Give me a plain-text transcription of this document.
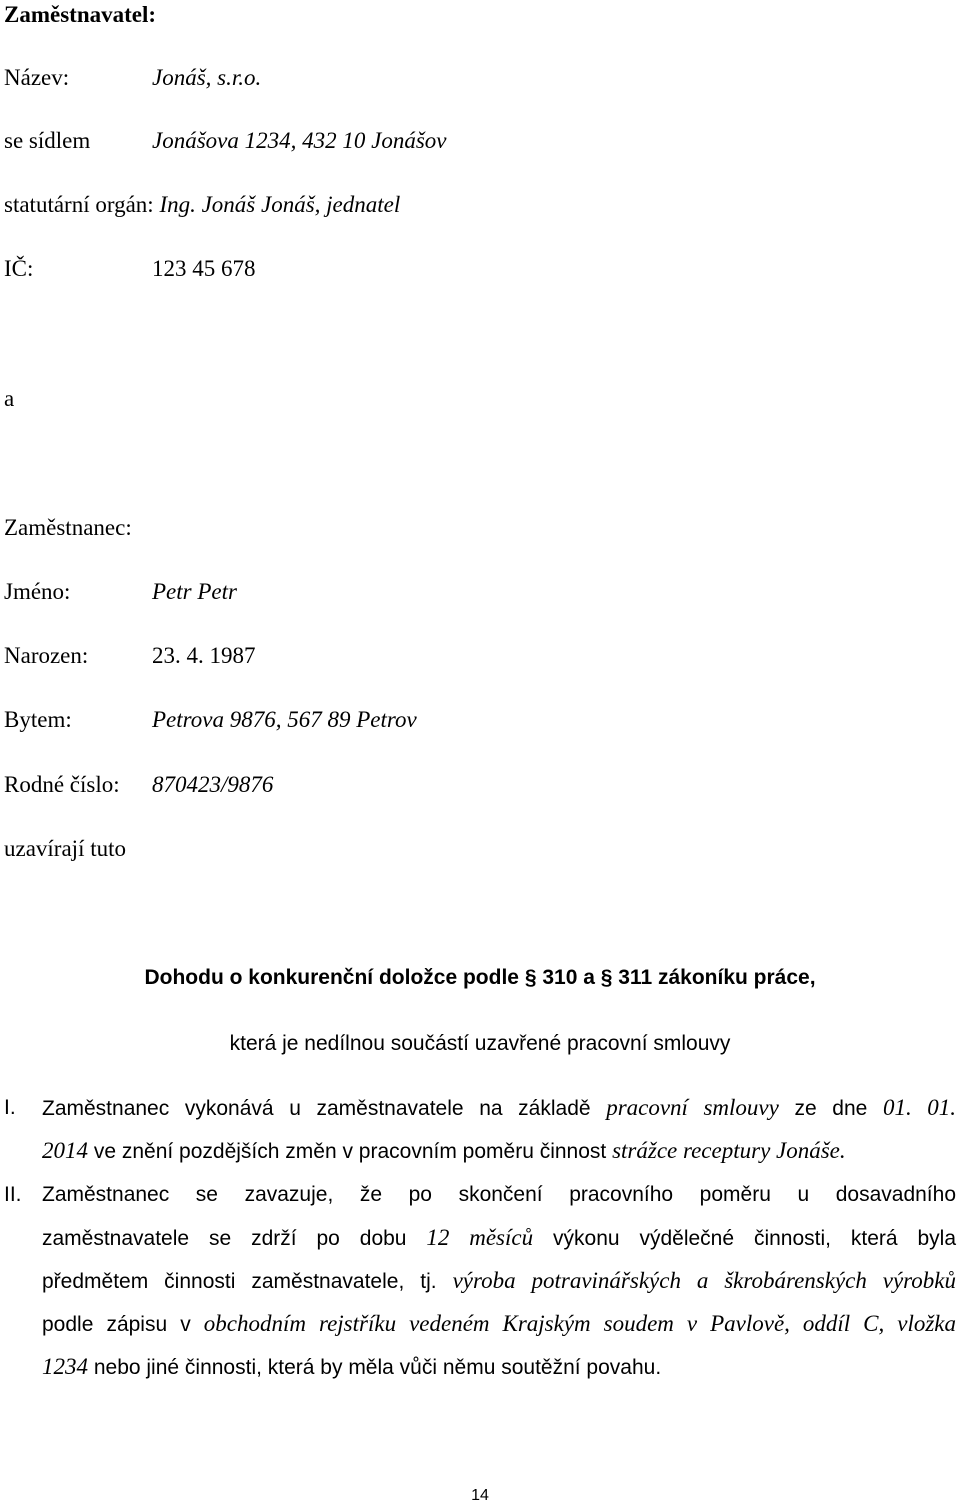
Zaměstnavatel:
Název:	Jonáš, s.r.o.
se sídlem	Jonášova 1234, 432 10 Jonášov
statutární orgán: Ing. Jonáš Jonáš, jednatel
IČ:	123 45 678
a
Zaměstnanec:
Jméno:	Petr Petr
Narozen:	23. 4. 1987
Bytem:	Petrova 9876, 567 89 Petrov
Rodné číslo: 870423/9876
uzavírají tuto
Dohodu o konkurenční doložce podle § 310 a § 311 zákoníku práce,
která je nedílnou součástí uzavřené pracovní smlouvy
I. Zaměstnanec vykonává u zaměstnavatele na základě pracovní smlouvy ze dne 01. 01.
2014 ve znění pozdějších změn v pracovním poměru činnost strážce receptury Jonáše.
II. Zaměstnanec se zavazuje, že po skončení pracovního poměru u dosavadního
zaměstnavatele se zdrží po dobu 12 měsíců výkonu výdělečné činnosti, která byla
předmětem činnosti zaměstnavatele, tj. výroba potravinářských a škrobárenských výrobků
podle zápisu v obchodním rejstříku vedeném Krajským soudem v Pavlově, oddíl C, vložka
1234 nebo jiné činnosti, která by měla vůči němu soutěžní povahu.
14
